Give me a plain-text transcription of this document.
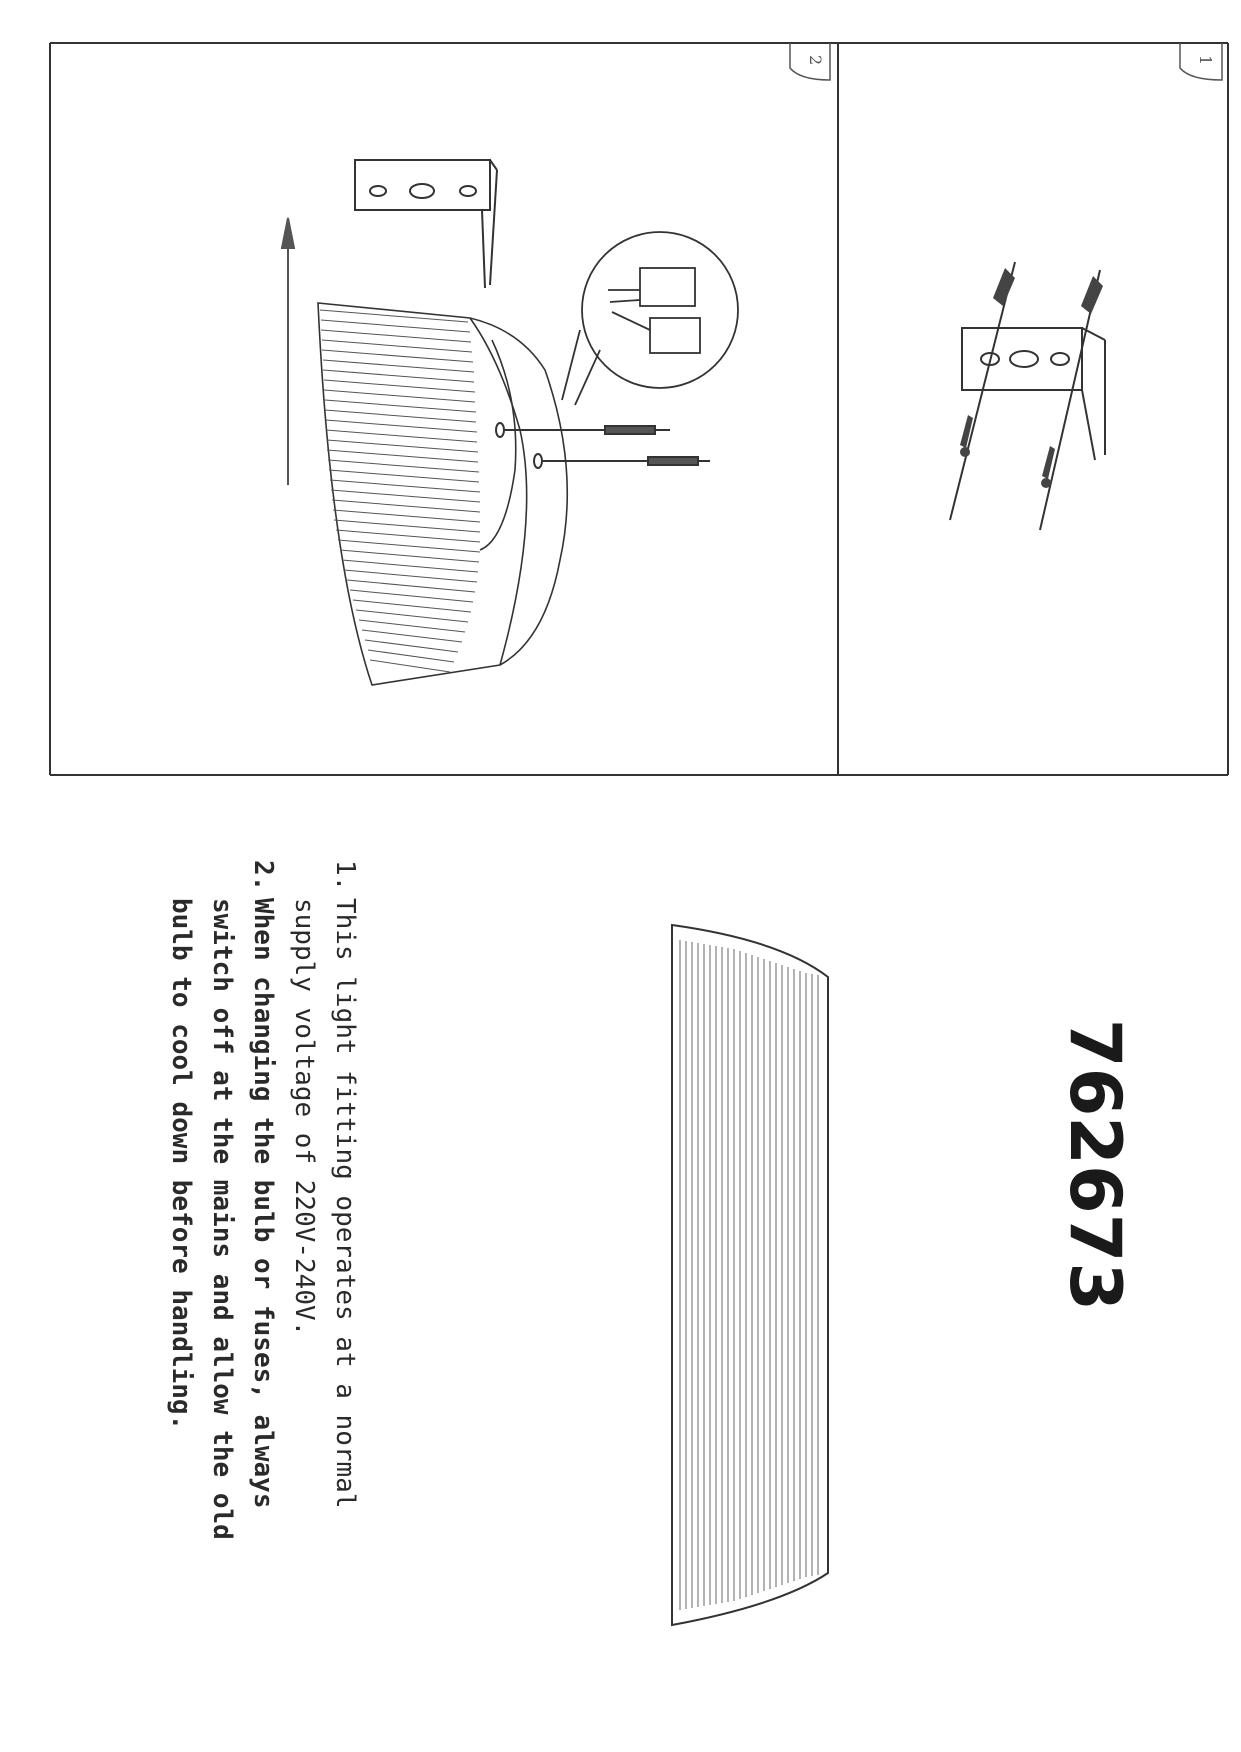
2	1
762673
1.
This light fitting operates at a normal supply voltage of 220V-240V.
2.
When changing the bulb or fuses, always switch off at the mains and allow the old bulb to cool down before handling.
